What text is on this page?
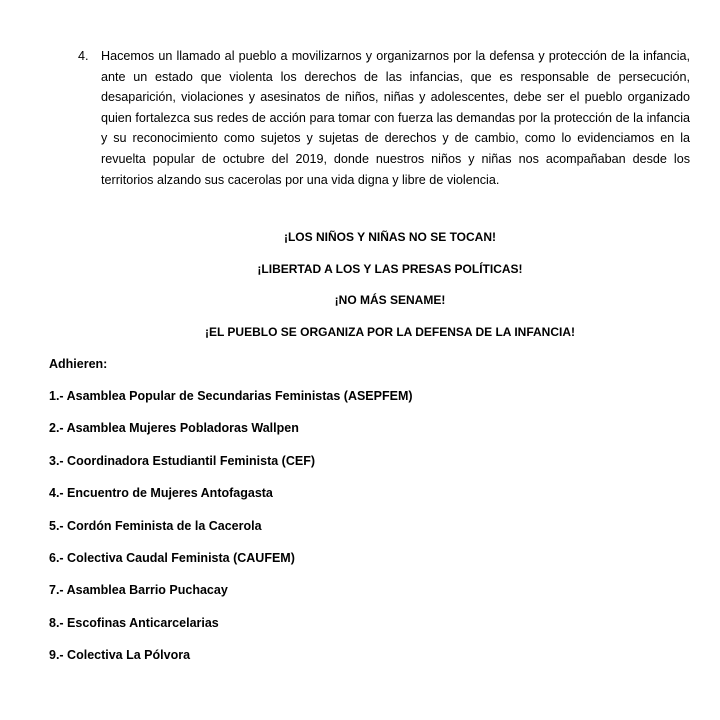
4. Hacemos un llamado al pueblo a movilizarnos y organizarnos por la defensa y protección de la infancia, ante un estado que violenta los derechos de las infancias, que es responsable de persecución, desaparición, violaciones y asesinatos de niños, niñas y adolescentes, debe ser el pueblo organizado quien fortalezca sus redes de acción para tomar con fuerza las demandas por la protección de la infancia y su reconocimiento como sujetos y sujetas de derechos y de cambio, como lo evidenciamos en la revuelta popular de octubre del 2019, donde nuestros niños y niñas nos acompañaban desde los territorios alzando sus cacerolas por una vida digna y libre de violencia.
¡LOS NIÑOS Y NIÑAS NO SE TOCAN!
¡LIBERTAD A LOS Y LAS PRESAS POLÍTICAS!
¡NO MÁS SENAME!
¡EL PUEBLO SE ORGANIZA POR LA DEFENSA DE LA INFANCIA!
Adhieren:
1.- Asamblea Popular de Secundarias Feministas (ASEPFEM)
2.- Asamblea Mujeres Pobladoras Wallpen
3.- Coordinadora Estudiantil Feminista (CEF)
4.- Encuentro de Mujeres Antofagasta
5.- Cordón Feminista de la Cacerola
6.- Colectiva Caudal Feminista (CAUFEM)
7.- Asamblea Barrio Puchacay
8.- Escofinas Anticarcelarias
9.- Colectiva La Pólvora
